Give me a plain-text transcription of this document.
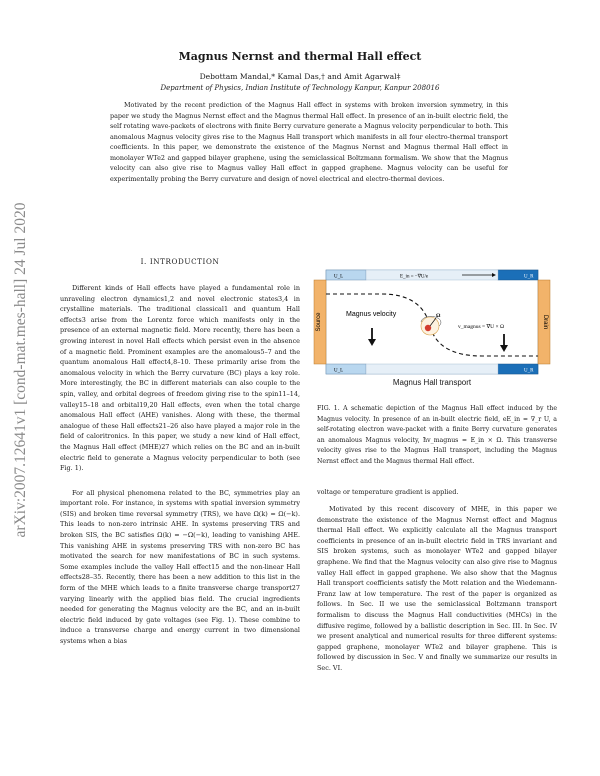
arXiv:2007.12641v1 [cond-mat.mes-hall] 24 Jul 2020
Magnus Nernst and thermal Hall effect
Debottam Mandal,* Kamal Das,† and Amit Agarwal‡
Department of Physics, Indian Institute of Technology Kanpur, Kanpur 208016
Motivated by the recent prediction of the Magnus Hall effect in systems with broken inversion symmetry, in this paper we study the Magnus Nernst effect and the Magnus thermal Hall effect. In presence of an in-built electric field, the self rotating wave-packets of electrons with finite Berry curvature generate a Magnus velocity perpendicular to both. This anomalous Magnus velocity gives rise to the Magnus Hall transport which manifests in all four electro-thermal transport coefficients. In this paper, we demonstrate the existence of the Magnus Nernst and Magnus thermal Hall effect in monolayer WTe2 and gapped bilayer graphene, using the semiclassical Boltzmann formalism. We show that the Magnus velocity can also give rise to Magnus valley Hall effect in gapped graphene. Magnus velocity can be useful for experimentally probing the Berry curvature and design of novel electrical and electro-thermal devices.
I. INTRODUCTION

Different kinds of Hall effects have played a fundamental role in unraveling electron dynamics1,2 and novel electronic states3,4 in crystalline materials. The traditional classical1 and quantum Hall effects3 arise from the Lorentz force which manifests only in the presence of an external magnetic field. More recently, there has been a growing interest in novel Hall effects which persist even in the absence of a magnetic field. Prominent examples are the anomalous5–7 and the quantum anomalous Hall effect4,8–10. These primarily arise from the anomalous velocity in which the Berry curvature (BC) plays a key role. More interestingly, the BC in different materials can also couple to the spin, valley, and orbital degrees of freedom giving rise to the spin11–14, valley15–18 and orbital19,20 Hall effects, even when the total charge anomalous Hall effect (AHE) vanishes. Along with these, the thermal analogue of these Hall effects21–26 also have played a major role in the field of caloritronics. In this paper, we study a new kind of Hall effect, the Magnus Hall effect (MHE)27 which relies on the BC and an in-built electric field to generate a Magnus velocity perpendicular to both (see Fig. 1).

For all physical phenomena related to the BC, symmetries play an important role. For instance, in systems with spatial inversion symmetry (SIS) and broken time reversal symmetry (TRS), we have Ω(k) = Ω(−k). This leads to non-zero intrinsic AHE. In systems preserving TRS and broken SIS, the BC satisfies Ω(k) = −Ω(−k), leading to vanishing AHE. This vanishing AHE in systems preserving TRS with non-zero BC has motivated the search for new manifestations of BC in such systems. Some examples include the valley Hall effect15 and the non-linear Hall effects28–35. Recently, there has been a new addition to this list in the form of the MHE which leads to a finite transverse charge transport27 varying linearly with the applied bias field. The crucial ingredients needed for generating the Magnus velocity are the BC, and an in-built electric field induced by gate voltages (see Fig. 1). These combine to induce a transverse charge and energy current in two dimensional systems when a bias

voltage or temperature gradient is applied.

Motivated by this recent discovery of MHE, in this paper we demonstrate the existence of the Magnus Nernst effect and Magnus thermal Hall effect. We explicitly calculate all the Magnus transport coefficients in presence of an in-built electric field in TRS invariant and SIS broken systems, such as monolayer WTe2 and gapped bilayer graphene. We find that the Magnus velocity can also give rise to Magnus valley Hall effect in gapped graphene. We also show that the Magnus Hall transport coefficients satisfy the Mott relation and the Wiedemann-Franz law at low temperature. The rest of the paper is organized as follows. In Sec. II we use the semiclassical Boltzmann transport formalism to discuss the Magnus Hall conductivities (MHCs) in the diffusive regime, followed by a ballistic description in Sec. III. In Sec. IV we present analytical and numerical results for three different systems: gapped graphene, monolayer WTe2 and bilayer graphene. This is followed by discussion in Sec. V and finally we summarize our results in Sec. VI.

Source	Drain
U_L	U_R
U_L	U_R
E_in = −∇U/e
Ω
Magnus velocity
v_magnus = ∇U × Ω
Magnus Hall transport

FIG. 1. A schematic depiction of the Magnus Hall effect induced by the Magnus velocity. In presence of an in-built electric field, eE_in = ∇_r U, a self-rotating electron wave-packet with a finite Berry curvature generates an anomalous Magnus velocity, ħv_magnus = E_in × Ω. This transverse velocity gives rise to the Magnus Hall transport, including the Magnus Nernst effect and the Magnus thermal Hall effect.
